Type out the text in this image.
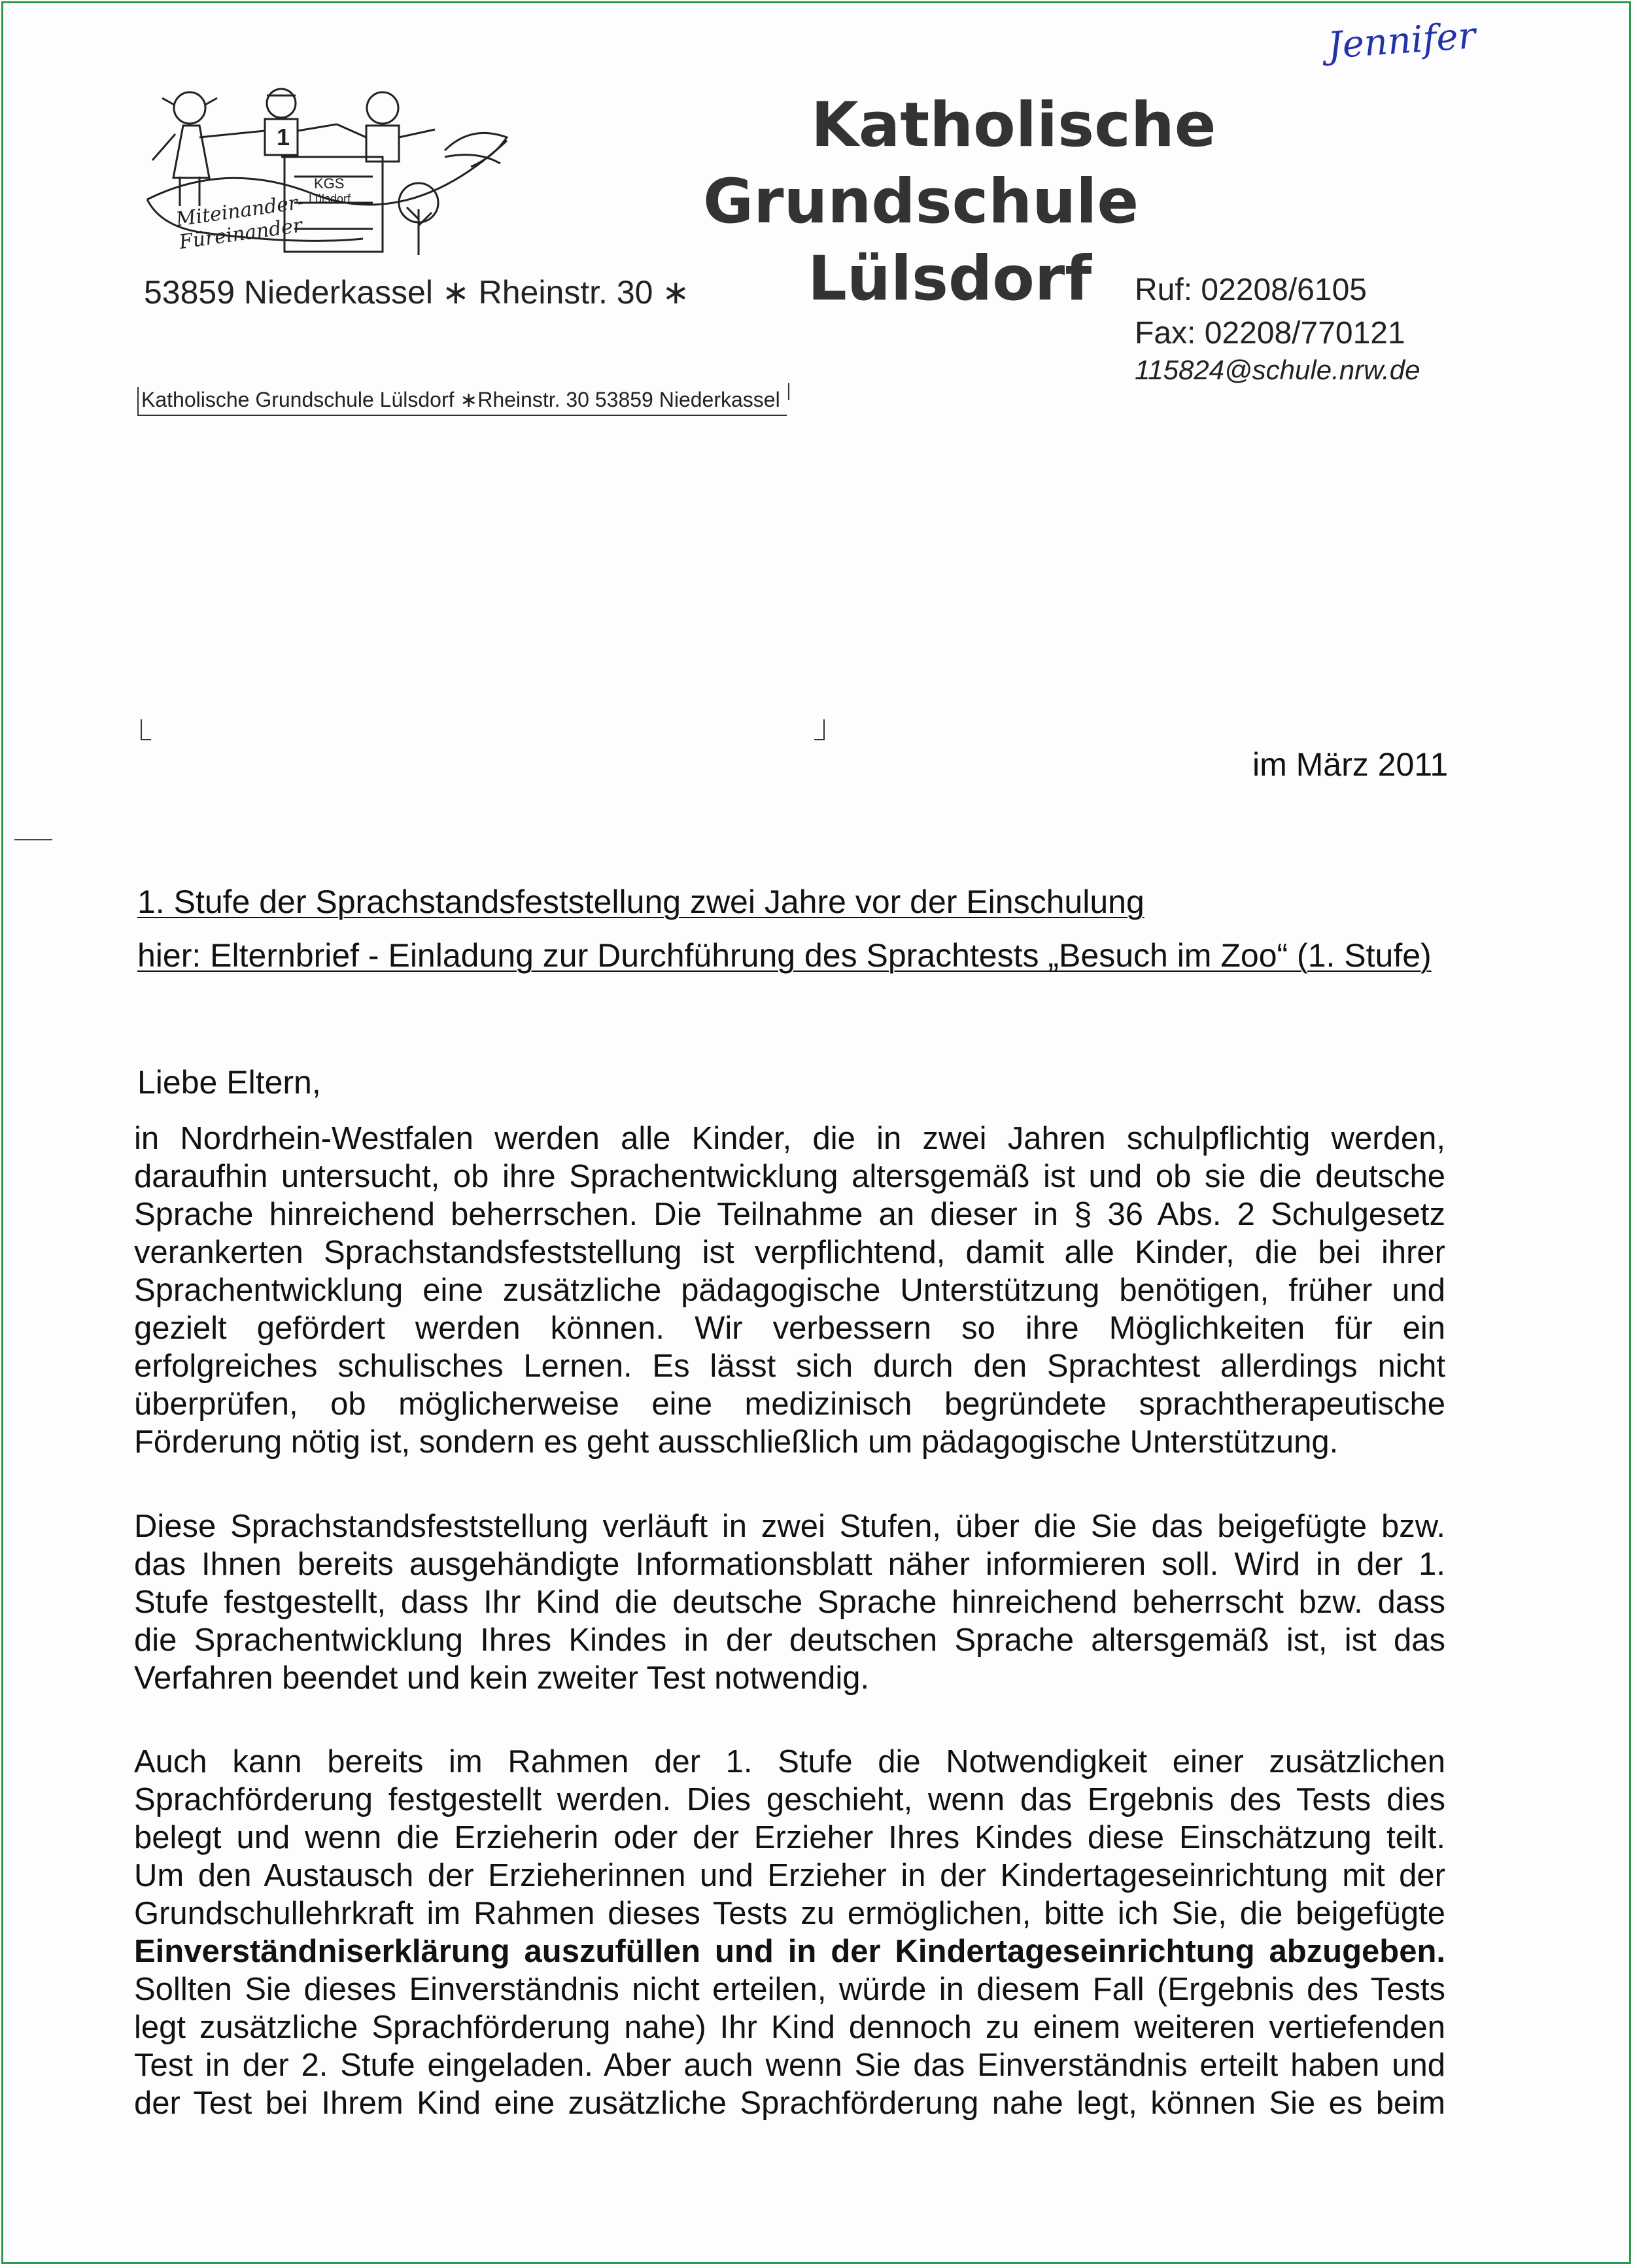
Jennifer
1
KGS
Lülsdorf
Miteinander-Füreinander
Katholische
Grundschule
Lülsdorf
53859 Niederkassel ∗ Rheinstr. 30 ∗	Ruf: 02208/6105
Fax: 02208/770121
115824@schule.nrw.de
Katholische Grundschule Lülsdorf ∗Rheinstr. 30 53859 Niederkassel
im März 2011
1. Stufe der Sprachstandsfeststellung zwei Jahre vor der Einschulung
hier: Elternbrief - Einladung zur Durchführung des Sprachtests „Besuch im Zoo“ (1. Stufe)
Liebe Eltern,
in Nordrhein-Westfalen werden alle Kinder, die in zwei Jahren schulpflichtig werden,
daraufhin untersucht, ob ihre Sprachentwicklung altersgemäß ist und ob sie die deutsche
Sprache hinreichend beherrschen. Die Teilnahme an dieser in § 36 Abs. 2 Schulgesetz
verankerten Sprachstandsfeststellung ist verpflichtend, damit alle Kinder, die bei ihrer
Sprachentwicklung eine zusätzliche pädagogische Unterstützung benötigen, früher und
gezielt gefördert werden können. Wir verbessern so ihre Möglichkeiten für ein
erfolgreiches schulisches Lernen. Es lässt sich durch den Sprachtest allerdings nicht
überprüfen, ob möglicherweise eine medizinisch begründete sprachtherapeutische
Förderung nötig ist, sondern es geht ausschließlich um pädagogische Unterstützung.
Diese Sprachstandsfeststellung verläuft in zwei Stufen, über die Sie das beigefügte bzw.
das Ihnen bereits ausgehändigte Informationsblatt näher informieren soll. Wird in der 1.
Stufe festgestellt, dass Ihr Kind die deutsche Sprache hinreichend beherrscht bzw. dass
die Sprachentwicklung Ihres Kindes in der deutschen Sprache altersgemäß ist, ist das
Verfahren beendet und kein zweiter Test notwendig.
Auch kann bereits im Rahmen der 1. Stufe die Notwendigkeit einer zusätzlichen
Sprachförderung festgestellt werden. Dies geschieht, wenn das Ergebnis des Tests dies
belegt und wenn die Erzieherin oder der Erzieher Ihres Kindes diese Einschätzung teilt.
Um den Austausch der Erzieherinnen und Erzieher in der Kindertageseinrichtung mit der
Grundschullehrkraft im Rahmen dieses Tests zu ermöglichen, bitte ich Sie, die beigefügte
Einverständniserklärung auszufüllen und in der Kindertageseinrichtung abzugeben.
Sollten Sie dieses Einverständnis nicht erteilen, würde in diesem Fall (Ergebnis des Tests
legt zusätzliche Sprachförderung nahe) Ihr Kind dennoch zu einem weiteren vertiefenden
Test in der 2. Stufe eingeladen. Aber auch wenn Sie das Einverständnis erteilt haben und
der Test bei Ihrem Kind eine zusätzliche Sprachförderung nahe legt, können Sie es beim
